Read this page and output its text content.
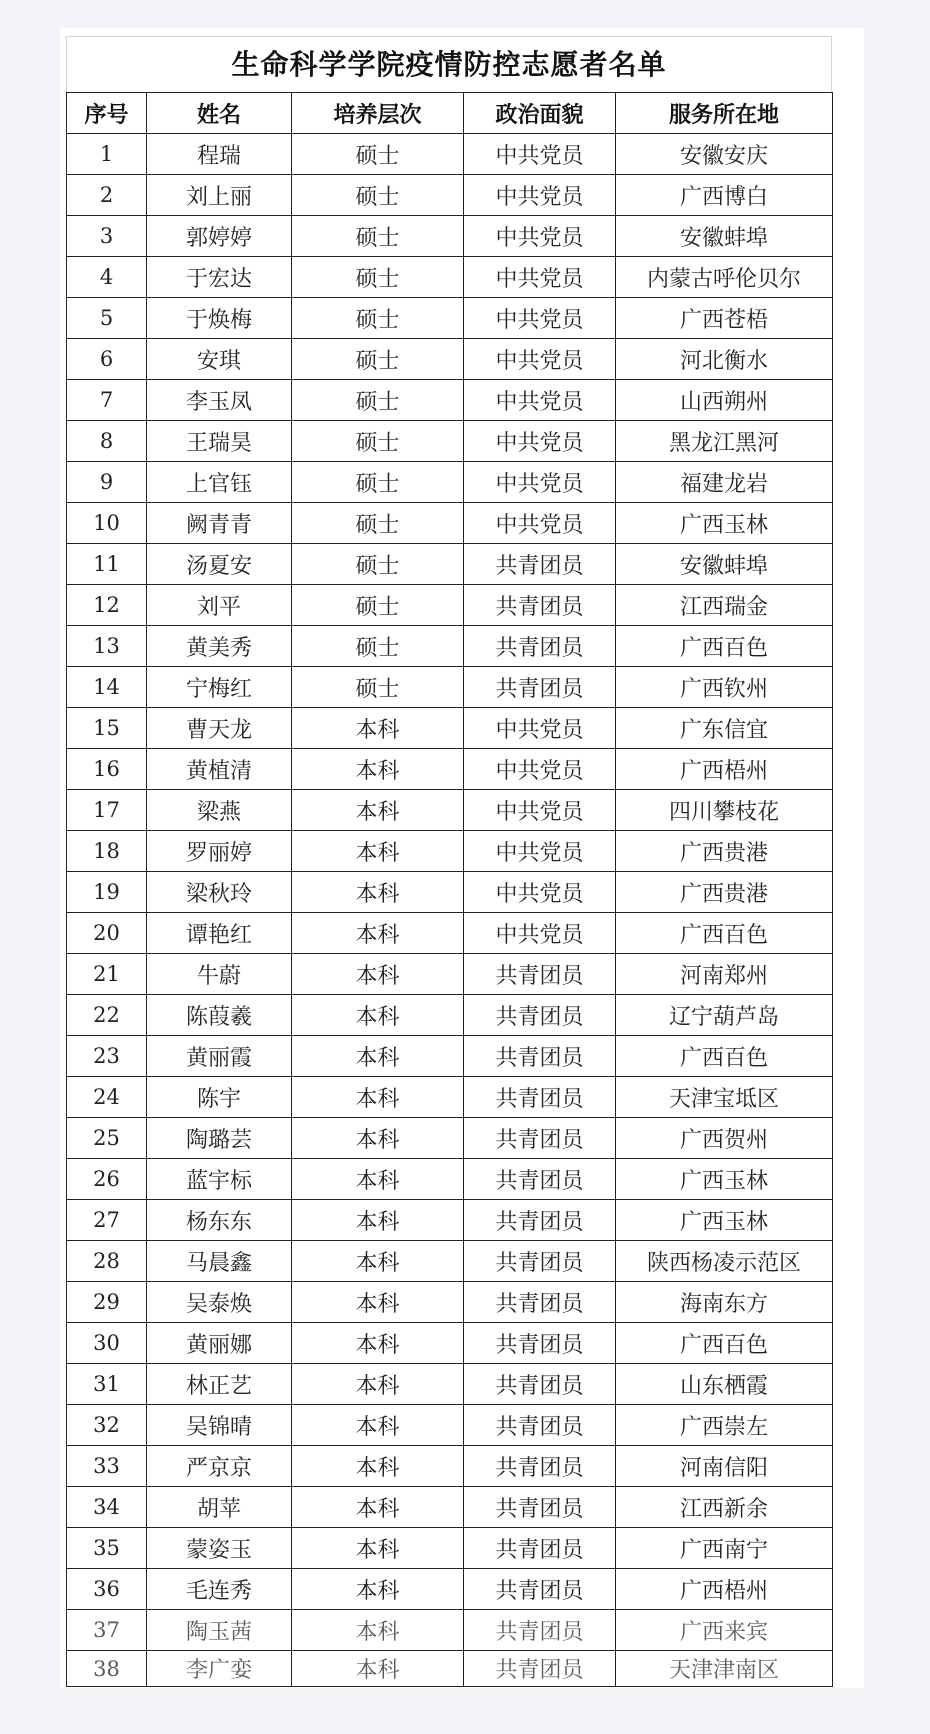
生命科学学院疫情防控志愿者名单
序号	姓名	培养层次	政治面貌	服务所在地
1	程瑞	硕士	中共党员	安徽安庆
2	刘上丽	硕士	中共党员	广西博白
3	郭婷婷	硕士	中共党员	安徽蚌埠
4	于宏达	硕士	中共党员	内蒙古呼伦贝尔
5	于焕梅	硕士	中共党员	广西苍梧
6	安琪	硕士	中共党员	河北衡水
7	李玉凤	硕士	中共党员	山西朔州
8	王瑞昊	硕士	中共党员	黑龙江黑河
9	上官钰	硕士	中共党员	福建龙岩
10	阙青青	硕士	中共党员	广西玉林
11	汤夏安	硕士	共青团员	安徽蚌埠
12	刘平	硕士	共青团员	江西瑞金
13	黄美秀	硕士	共青团员	广西百色
14	宁梅红	硕士	共青团员	广西钦州
15	曹天龙	本科	中共党员	广东信宜
16	黄植清	本科	中共党员	广西梧州
17	梁燕	本科	中共党员	四川攀枝花
18	罗丽婷	本科	中共党员	广西贵港
19	梁秋玲	本科	中共党员	广西贵港
20	谭艳红	本科	中共党员	广西百色
21	牛蔚	本科	共青团员	河南郑州
22	陈葭羲	本科	共青团员	辽宁葫芦岛
23	黄丽霞	本科	共青团员	广西百色
24	陈宇	本科	共青团员	天津宝坻区
25	陶璐芸	本科	共青团员	广西贺州
26	蓝宇标	本科	共青团员	广西玉林
27	杨东东	本科	共青团员	广西玉林
28	马晨鑫	本科	共青团员	陕西杨凌示范区
29	吴泰焕	本科	共青团员	海南东方
30	黄丽娜	本科	共青团员	广西百色
31	林正艺	本科	共青团员	山东栖霞
32	吴锦晴	本科	共青团员	广西崇左
33	严京京	本科	共青团员	河南信阳
34	胡苹	本科	共青团员	江西新余
35	蒙姿玉	本科	共青团员	广西南宁
36	毛连秀	本科	共青团员	广西梧州
37	陶玉茜	本科	共青团员	广西来宾
38	李广娈	本科	共青团员	天津津南区
